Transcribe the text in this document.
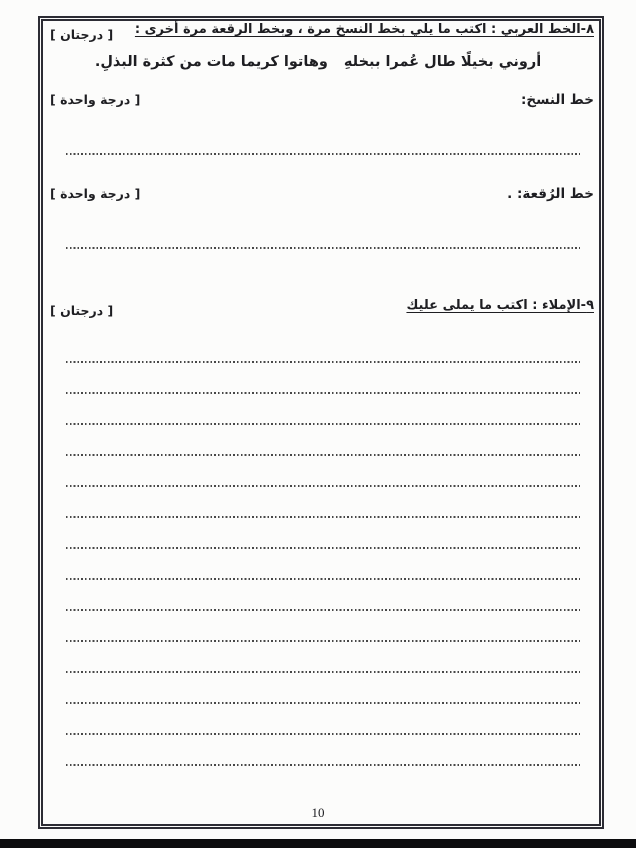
٨-الخط العربي : اكتب ما يلي بخط النسخ مرة ، وبخط الرقعة مرة أخرى :
[ درجتان ]
أروني بخيلًا طال عُمرا ببخلهِ
وهاتوا كريما مات من كثرة البذلِ.
خط النسخ:
[ درجة واحدة ]
خط الرُقعة: .
[ درجة واحدة ]
٩-الإملاء : اكتب ما يملى عليك
[ درجتان ]
10
